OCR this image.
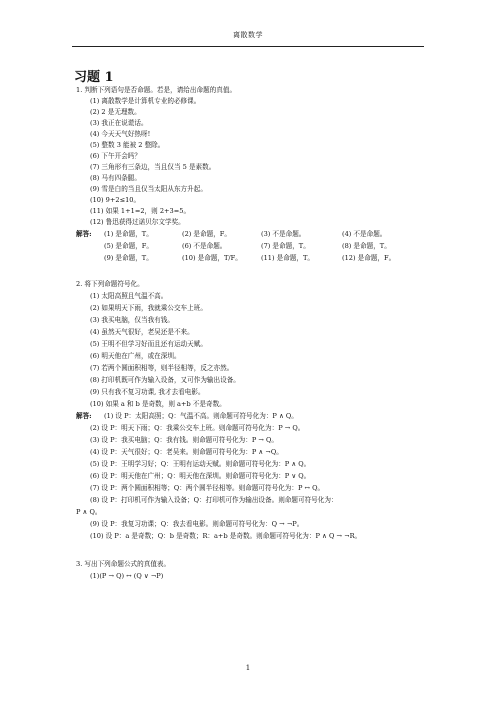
离散数学
习题 1
1. 判断下列语句是否命题。若是，请给出命题的真值。
(1) 离散数学是计算机专业的必修课。
(2) 2 是无理数。
(3) 我正在说谎话。
(4) 今天天气好热呀!
(5) 整数 3 能被 2 整除。
(6) 下午开会吗？
(7) 三角形有三条边，当且仅当 5 是素数。
(8) 马有四条腿。
(9) 雪是白的当且仅当太阳从东方升起。
(10) 9+2≤10。
(11) 如果 1+1=2，则 2+3=5。
(12) 鲁迅获得过诺贝尔文学奖。
解答: (1) 是命题，T。	(2) 是命题，F。	(3) 不是命题。	(4) 不是命题。
(5) 是命题，F。	(6) 不是命题。	(7) 是命题，T。	(8) 是命题，T。
(9) 是命题，T。	(10) 是命题，T/F。	(11) 是命题，T。	(12) 是命题，F。
2. 将下列命题符号化。
(1) 太阳高照且气温不高。
(2) 如果明天下雨，我就乘公交车上班。
(3) 我买电脑，仅当我有钱。
(4) 虽然天气很好，老吴还是不来。
(5) 王明不但学习好而且还有运动天赋。
(6) 明天他在广州，或在深圳。
(7) 若两个圆面积相等，则半径相等，反之亦然。
(8) 打印机既可作为输入设备，又可作为输出设备。
(9) 只有我不复习功课, 我才去看电影。
(10) 如果 a 和 b 是奇数，则 a+b 不是奇数。
解答: (1) 设 P：太阳高照；Q：气温不高。则命题可符号化为：P ∧ Q。
(2) 设 P：明天下雨；Q：我乘公交车上班。则命题可符号化为：P → Q。
(3) 设 P：我买电脑；Q：我有钱。则命题可符号化为：P → Q。
(4) 设 P：天气很好；Q：老吴来。则命题可符号化为：P ∧ ¬Q。
(5) 设 P：王明学习好；Q：王明有运动天赋。则命题可符号化为：P ∧ Q。
(6) 设 P：明天他在广州；Q：明天他在深圳。则命题可符号化为：P ∨ Q。
(7) 设 P：两个圆面积相等；Q：两个圆半径相等。则命题可符号化为：P ↔ Q。
(8) 设 P：打印机可作为输入设备；Q：打印机可作为输出设备。则命题可符号化为：
P ∧ Q。
(9) 设 P：我复习功课；Q：我去看电影。则命题可符号化为：Q → ¬P。
(10) 设 P：a 是奇数；Q：b 是奇数；R：a+b 是奇数。则命题可符号化为：P ∧ Q → ¬R。
3. 写出下列命题公式的真值表。
(1)(P → Q) ↔ (Q ∨ ¬P)
1
